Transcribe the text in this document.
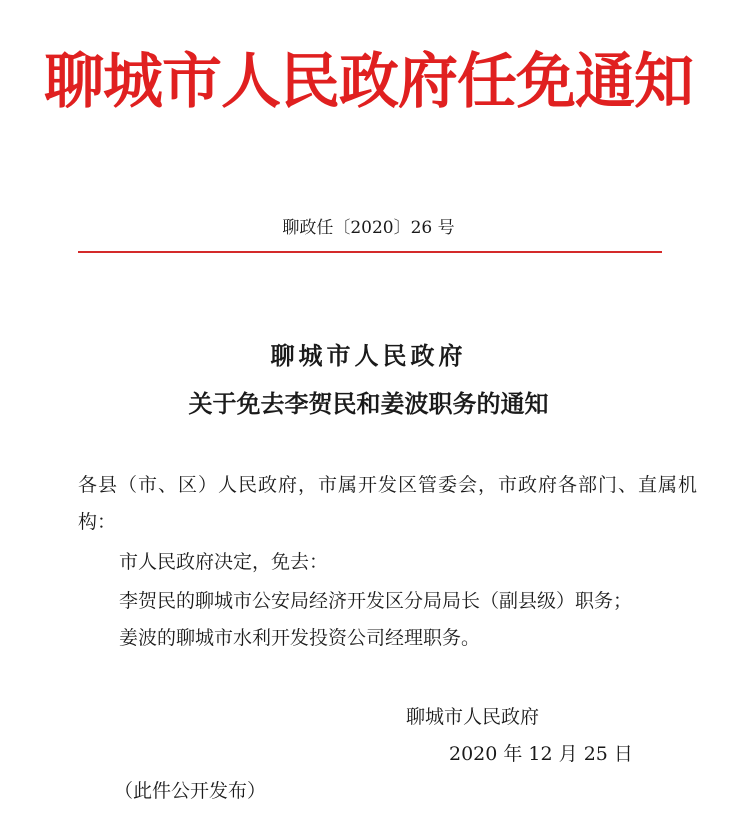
聊城市人民政府任免通知
聊政任〔2020〕26 号
聊城市人民政府
关于免去李贺民和姜波职务的通知
各县（市、区）人民政府，市属开发区管委会，市政府各部门、直属机
构：
市人民政府决定，免去：
李贺民的聊城市公安局经济开发区分局局长（副县级）职务；
姜波的聊城市水利开发投资公司经理职务。
聊城市人民政府
2020 年 12 月 25 日
（此件公开发布）
